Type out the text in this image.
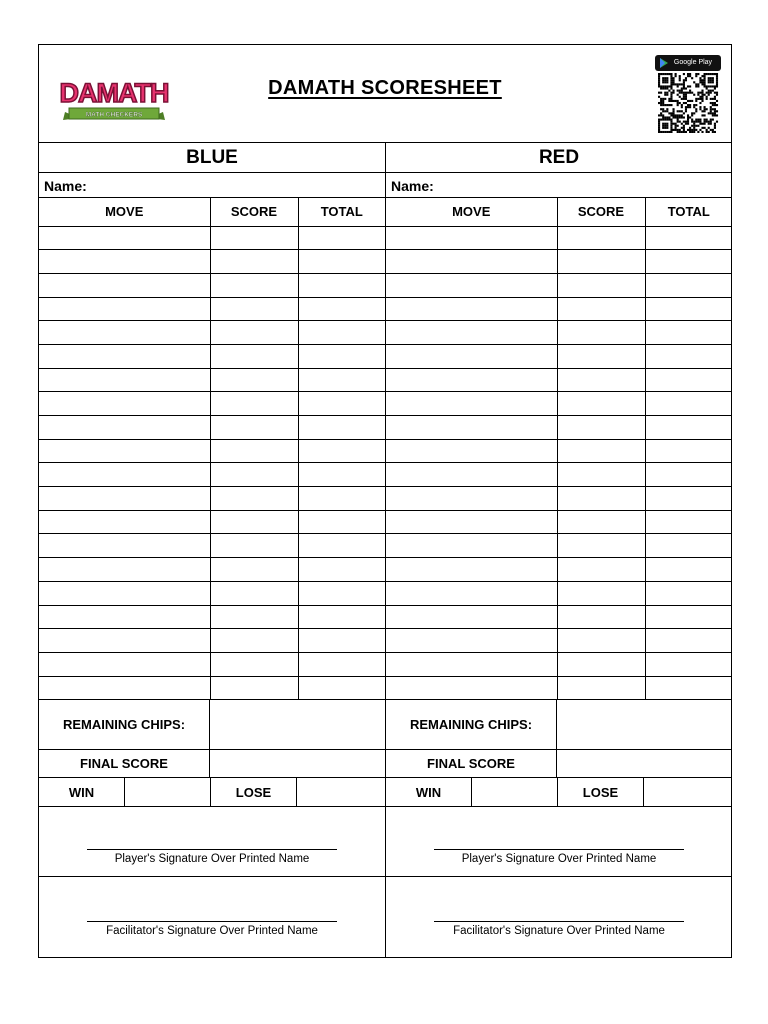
MATH CHECKERS
DAMATH	DAMATH SCORESHEET
Google Play
BLUE
Name:
MOVE	SCORE	TOTAL

REMAINING CHIPS:
FINAL SCORE
WIN	LOSE
Player's Signature Over Printed Name
Facilitator's Signature Over Printed Name
RED
Name:
MOVE	SCORE	TOTAL

REMAINING CHIPS:
FINAL SCORE
WIN	LOSE
Player's Signature Over Printed Name
Facilitator's Signature Over Printed Name
